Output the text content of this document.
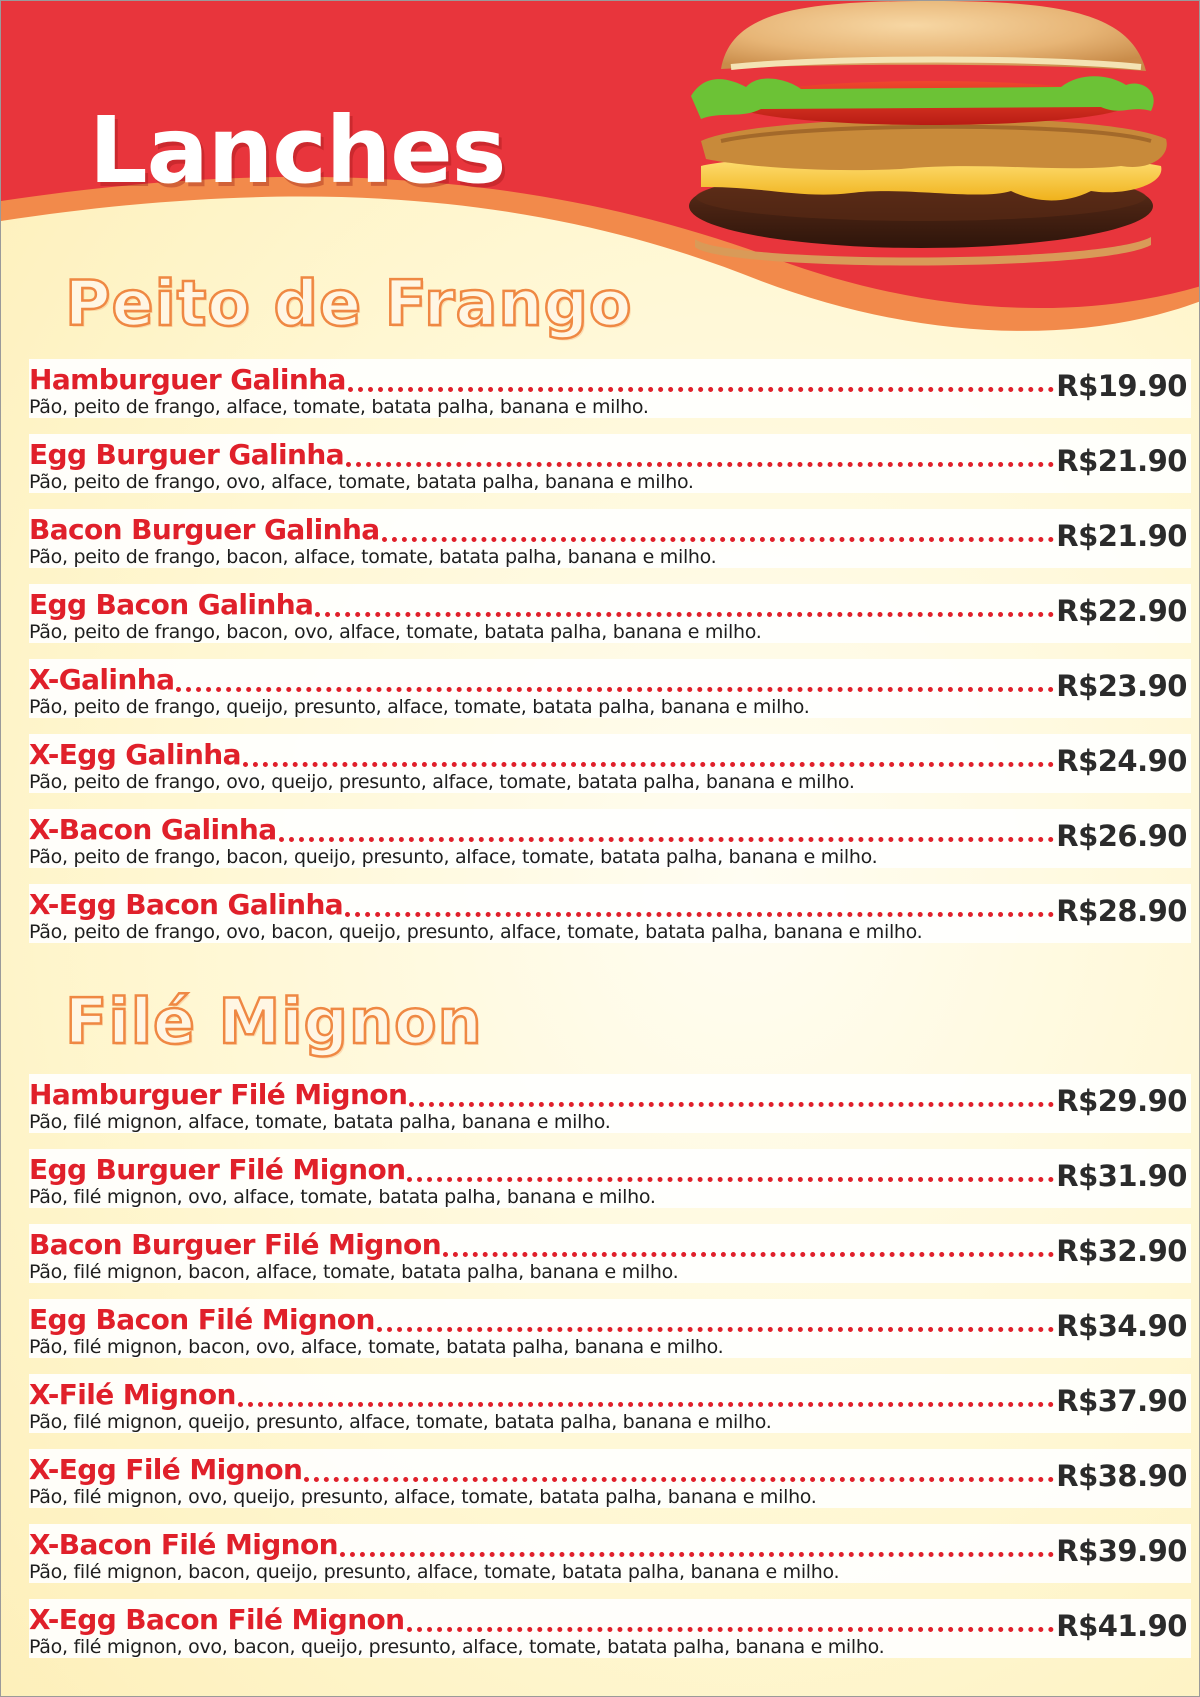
Lanches
Peito de Frango
Hamburguer Galinha
Pão, peito de frango, alface, tomate, batata palha, banana e milho.
R$19.90
Egg Burguer Galinha
Pão, peito de frango, ovo, alface, tomate, batata palha, banana e milho.
R$21.90
Bacon Burguer Galinha
Pão, peito de frango, bacon, alface, tomate, batata palha, banana e milho.
R$21.90
Egg Bacon Galinha
Pão, peito de frango, bacon, ovo, alface, tomate, batata palha, banana e milho.
R$22.90
X-Galinha
Pão, peito de frango, queijo, presunto, alface, tomate, batata palha, banana e milho.
R$23.90
X-Egg Galinha
Pão, peito de frango, ovo, queijo, presunto, alface, tomate, batata palha, banana e milho.
R$24.90
X-Bacon Galinha
Pão, peito de frango, bacon, queijo, presunto, alface, tomate, batata palha, banana e milho.
R$26.90
X-Egg Bacon Galinha
Pão, peito de frango, ovo, bacon, queijo, presunto, alface, tomate, batata palha, banana e milho.
R$28.90
Filé Mignon
Hamburguer Filé Mignon
Pão, filé mignon, alface, tomate, batata palha, banana e milho.
R$29.90
Egg Burguer Filé Mignon
Pão, filé mignon, ovo, alface, tomate, batata palha, banana e milho.
R$31.90
Bacon Burguer Filé Mignon
Pão, filé mignon, bacon, alface, tomate, batata palha, banana e milho.
R$32.90
Egg Bacon Filé Mignon
Pão, filé mignon, bacon, ovo, alface, tomate, batata palha, banana e milho.
R$34.90
X-Filé Mignon
Pão, filé mignon, queijo, presunto, alface, tomate, batata palha, banana e milho.
R$37.90
X-Egg Filé Mignon
Pão, filé mignon, ovo, queijo, presunto, alface, tomate, batata palha, banana e milho.
R$38.90
X-Bacon Filé Mignon
Pão, filé mignon, bacon, queijo, presunto, alface, tomate, batata palha, banana e milho.
R$39.90
X-Egg Bacon Filé Mignon
Pão, filé mignon, ovo, bacon, queijo, presunto, alface, tomate, batata palha, banana e milho.
R$41.90
